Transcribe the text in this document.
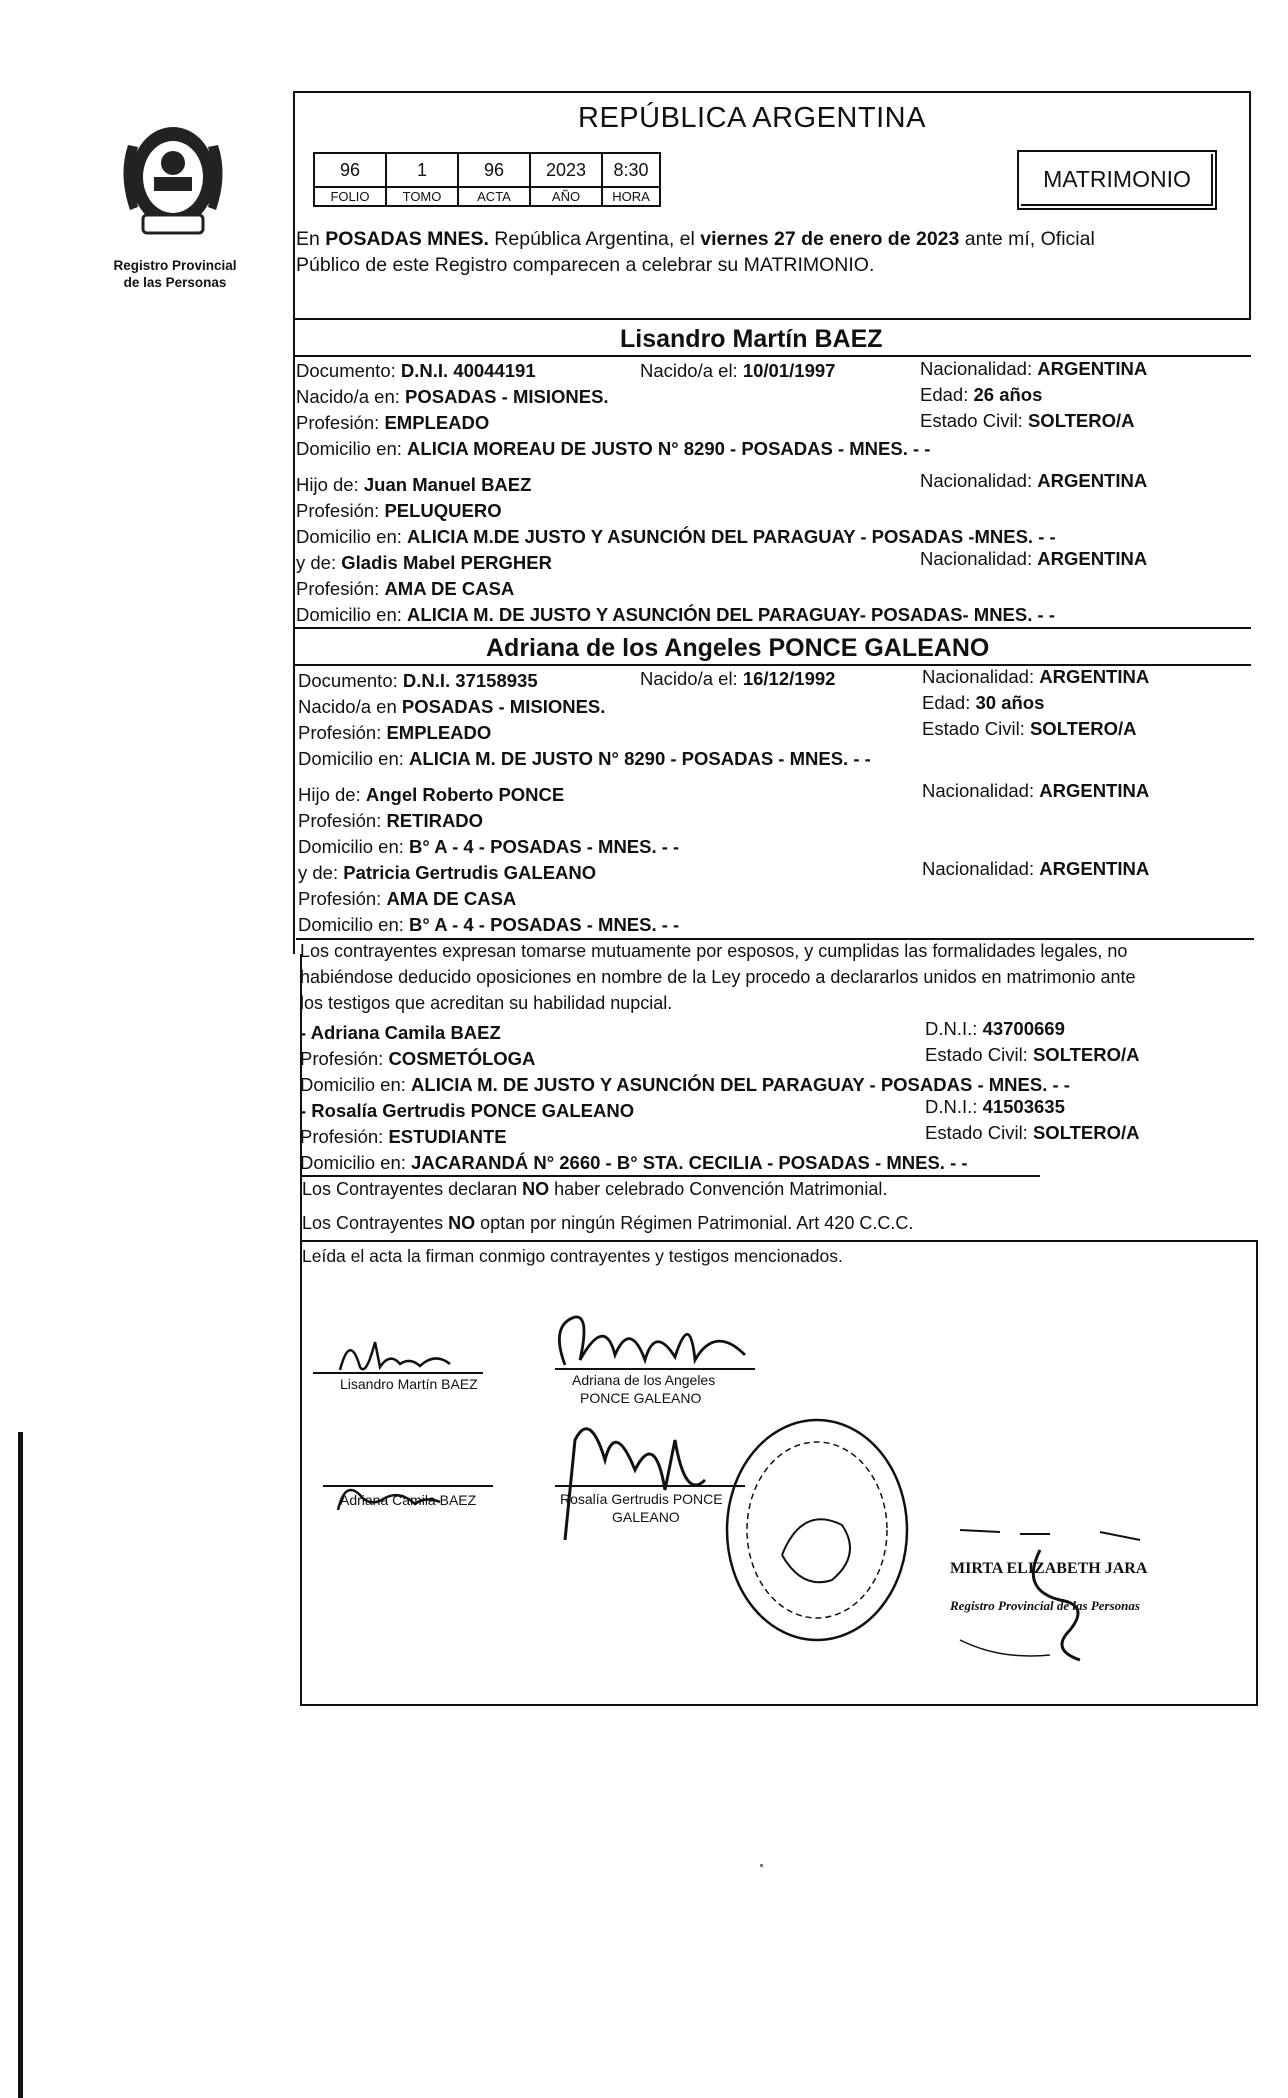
Registro Provincial
de las Personas
REPÚBLICA ARGENTINA
96	1	96	2023	8:30
FOLIO	TOMO	ACTA	AÑO	HORA
MATRIMONIO
En POSADAS MNES. República Argentina, el viernes 27 de enero de 2023 ante mí, Oficial
Público de este Registro comparecen a celebrar su MATRIMONIO.
Lisandro Martín BAEZ
Documento: D.N.I. 40044191	Nacido/a el: 10/01/1997	Nacionalidad: ARGENTINA
Nacido/a en: POSADAS - MISIONES.	Edad: 26 años
Profesión: EMPLEADO	Estado Civil: SOLTERO/A
Domicilio en: ALICIA MOREAU DE JUSTO N° 8290 - POSADAS - MNES. - -
Hijo de: Juan Manuel BAEZ	Nacionalidad: ARGENTINA
Profesión: PELUQUERO
Domicilio en: ALICIA M.DE JUSTO Y ASUNCIÓN DEL PARAGUAY - POSADAS -MNES. - -
y de: Gladis Mabel PERGHER	Nacionalidad: ARGENTINA
Profesión: AMA DE CASA
Domicilio en: ALICIA M. DE JUSTO Y ASUNCIÓN DEL PARAGUAY- POSADAS- MNES. - -
Adriana de los Angeles PONCE GALEANO
Documento: D.N.I. 37158935	Nacido/a el: 16/12/1992	Nacionalidad: ARGENTINA
Nacido/a en POSADAS - MISIONES.	Edad: 30 años
Profesión: EMPLEADO	Estado Civil: SOLTERO/A
Domicilio en: ALICIA M. DE JUSTO N° 8290 - POSADAS - MNES. - -
Hijo de: Angel Roberto PONCE	Nacionalidad: ARGENTINA
Profesión: RETIRADO
Domicilio en: B° A - 4 - POSADAS - MNES. - -
y de: Patricia Gertrudis GALEANO	Nacionalidad: ARGENTINA
Profesión: AMA DE CASA
Domicilio en: B° A - 4 - POSADAS - MNES. - -
Los contrayentes expresan tomarse mutuamente por esposos, y cumplidas las formalidades legales, no
habiéndose deducido oposiciones en nombre de la Ley procedo a declararlos unidos en matrimonio ante
los testigos que acreditan su habilidad nupcial.
- Adriana Camila BAEZ	D.N.I.: 43700669
Profesión: COSMETÓLOGA	Estado Civil: SOLTERO/A
Domicilio en: ALICIA M. DE JUSTO Y ASUNCIÓN DEL PARAGUAY - POSADAS - MNES. - -
- Rosalía Gertrudis PONCE GALEANO	D.N.I.: 41503635
Profesión: ESTUDIANTE	Estado Civil: SOLTERO/A
Domicilio en: JACARANDÁ N° 2660 - B° STA. CECILIA - POSADAS - MNES. - -
Los Contrayentes declaran NO haber celebrado Convención Matrimonial.
Los Contrayentes NO optan por ningún Régimen Patrimonial. Art 420 C.C.C.
Leída el acta la firman conmigo contrayentes y testigos mencionados.
Lisandro Martín BAEZ	Adriana de los Angeles
PONCE GALEANO
Adriana Camila BAEZ	Rosalía Gertrudis PONCE
GALEANO
MIRTA ELIZABETH JARA
Registro Provincial de las Personas
